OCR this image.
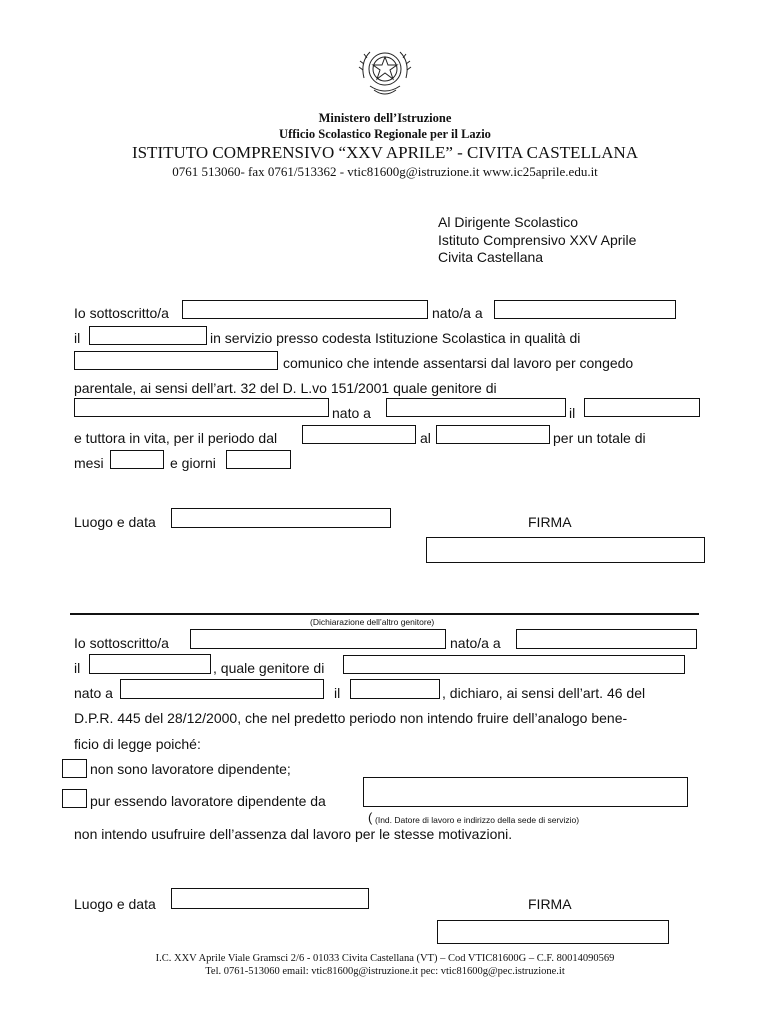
Ministero dell’Istruzione
Ufficio Scolastico Regionale per il Lazio
ISTITUTO COMPRENSIVO “XXV APRILE” - CIVITA CASTELLANA
0761 513060- fax 0761/513362 - vtic81600g@istruzione.it www.ic25aprile.edu.it
Al Dirigente Scolastico
Istituto Comprensivo XXV Aprile
Civita Castellana
Io sottoscritto/a	nato/a a
il	in servizio presso codesta Istituzione Scolastica in qualità di
comunico che intende assentarsi dal lavoro per congedo
parentale, ai sensi dell’art. 32 del D. L.vo 151/2001 quale genitore di
nato a	il
e tuttora in vita, per il periodo dal	al	per un totale di
mesi	e giorni
Luogo e data	FIRMA
(Dichiarazione dell’altro genitore)
Io sottoscritto/a	nato/a a
il	, quale genitore di
nato a	il	, dichiaro, ai sensi dell’art. 46 del
D.P.R. 445 del 28/12/2000, che nel predetto periodo non intendo fruire dell’analogo bene-
ficio di legge poiché:
non sono lavoratore dipendente;
pur essendo lavoratore dipendente da
( (Ind. Datore di lavoro e indirizzo della sede di servizio)
non intendo usufruire dell’assenza dal lavoro per le stesse motivazioni.
Luogo e data	FIRMA
I.C. XXV Aprile Viale Gramsci 2/6 - 01033 Civita Castellana (VT) – Cod VTIC81600G – C.F. 80014090569
Tel. 0761-513060 email: vtic81600g@istruzione.it pec: vtic81600g@pec.istruzione.it
